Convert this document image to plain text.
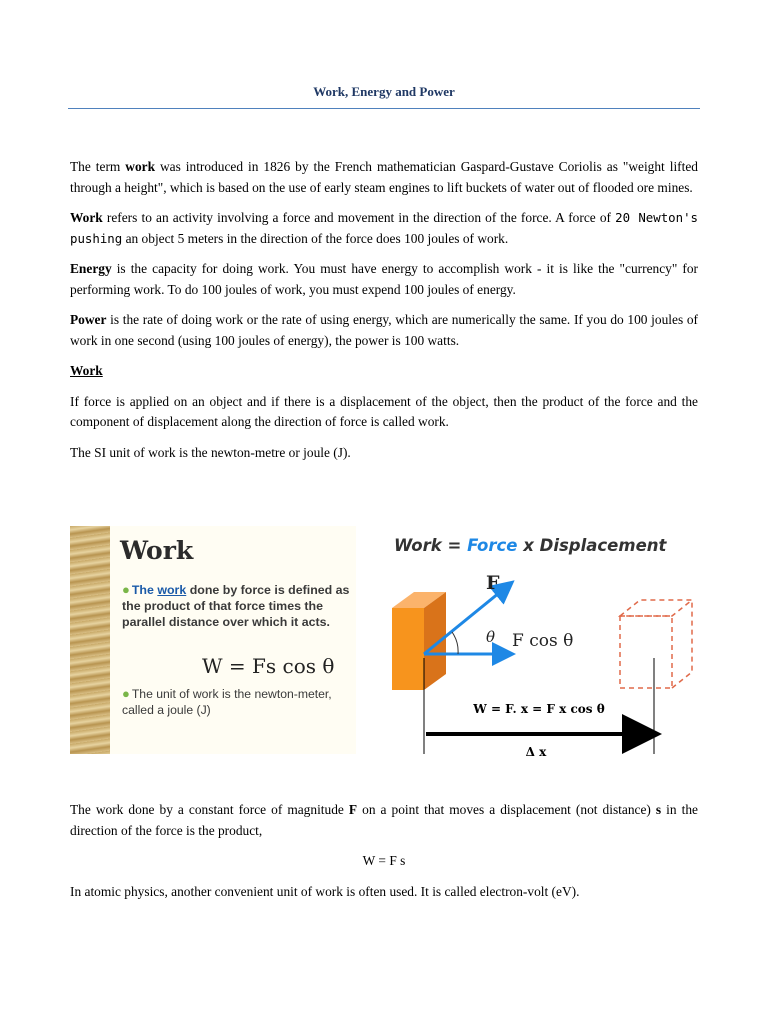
Work, Energy and Power

The term work was introduced in 1826 by the French mathematician Gaspard-Gustave Coriolis as "weight lifted through a height", which is based on the use of early steam engines to lift buckets of water out of flooded ore mines.

Work refers to an activity involving a force and movement in the direction of the force. A force of 20 Newton's pushing an object 5 meters in the direction of the force does 100 joules of work.

Energy is the capacity for doing work. You must have energy to accomplish work - it is like the "currency" for performing work. To do 100 joules of work, you must expend 100 joules of energy.

Power is the rate of doing work or the rate of using energy, which are numerically the same. If you do 100 joules of work in one second (using 100 joules of energy), the power is 100 watts.

Work

If force is applied on an object and if there is a displacement of the object, then the product of the force and the component of displacement along the direction of force is called work.

The SI unit of work is the newton-metre or joule (J).

Work
● The work done by force is defined as the product of that force times the parallel distance over which it acts.
W = Fs cos θ
● The unit of work is the newton-meter, called a joule (J)
Work = Force x Displacement
F
θ F cos θ
W = F. x = F x cos θ
Δ x

The work done by a constant force of magnitude F on a point that moves a displacement (not distance) s in the direction of the force is the product,

W = F s

In atomic physics, another convenient unit of work is often used. It is called electron-volt (eV).
